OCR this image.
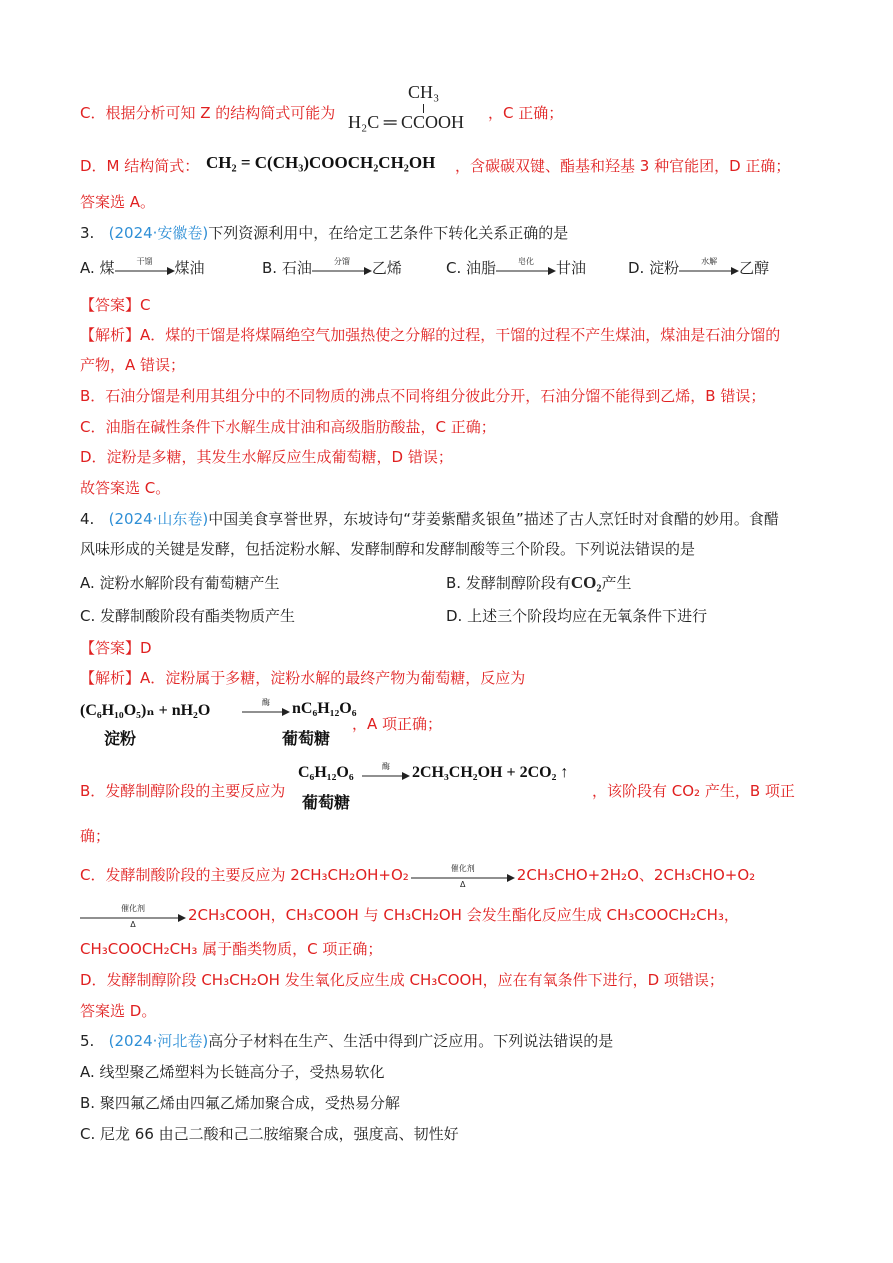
C．根据分析可知 Z 的结构简式可能为
CH₃
H₂C ═ CCOOH ，C 正确；
D．M 结构简式： CH₂ = C(CH₃)COOCH₂CH₂OH ，含碳碳双键、酯基和羟基 3 种官能团，D 正确；
答案选 A。
3. (2024·安徽卷)下列资源利用中，在给定工艺条件下转化关系正确的是
A. 煤	干馏	煤油	B. 石油	分馏	乙烯	C. 油脂	皂化	甘油	D. 淀粉	水解	乙醇
【答案】C
【解析】A．煤的干馏是将煤隔绝空气加强热使之分解的过程，干馏的过程不产生煤油，煤油是石油分馏的
产物，A 错误；
B．石油分馏是利用其组分中的不同物质的沸点不同将组分彼此分开，石油分馏不能得到乙烯，B 错误；
C．油脂在碱性条件下水解生成甘油和高级脂肪酸盐，C 正确；
D．淀粉是多糖，其发生水解反应生成葡萄糖，D 错误；
故答案选 C。
4. (2024·山东卷)中国美食享誉世界，东坡诗句“芽姜紫醋炙银鱼”描述了古人烹饪时对食醋的妙用。食醋
风味形成的关键是发酵，包括淀粉水解、发酵制醇和发酵制酸等三个阶段。下列说法错误的是
A. 淀粉水解阶段有葡萄糖产生	B. 发酵制醇阶段有CO₂产生
C. 发酵制酸阶段有酯类物质产生	D. 上述三个阶段均应在无氧条件下进行
【答案】D
【解析】A．淀粉属于多糖，淀粉水解的最终产物为葡萄糖，反应为
(C₆H₁₀O₅)ₙ + nH₂O	酶	nC₆H₁₂O₆
淀粉	葡萄糖
，A 项正确；
B．发酵制醇阶段的主要反应为
C₆H₁₂O₆
葡萄糖
酶	2CH₃CH₂OH + 2CO₂ ↑
，该阶段有 CO₂ 产生，B 项正
确；
C．发酵制酸阶段的主要反应为 2CH₃CH₂OH+O₂	催化剂
Δ	2CH₃CHO+2H₂O、2CH₃CHO+O₂
催化剂
Δ	2CH₃COOH，CH₃COOH 与 CH₃CH₂OH 会发生酯化反应生成 CH₃COOCH₂CH₃，
CH₃COOCH₂CH₃ 属于酯类物质，C 项正确；
D．发酵制醇阶段 CH₃CH₂OH 发生氧化反应生成 CH₃COOH，应在有氧条件下进行，D 项错误；
答案选 D。
5. (2024·河北卷)高分子材料在生产、生活中得到广泛应用。下列说法错误的是
A. 线型聚乙烯塑料为长链高分子，受热易软化
B. 聚四氟乙烯由四氟乙烯加聚合成，受热易分解
C. 尼龙 66 由己二酸和己二胺缩聚合成，强度高、韧性好
